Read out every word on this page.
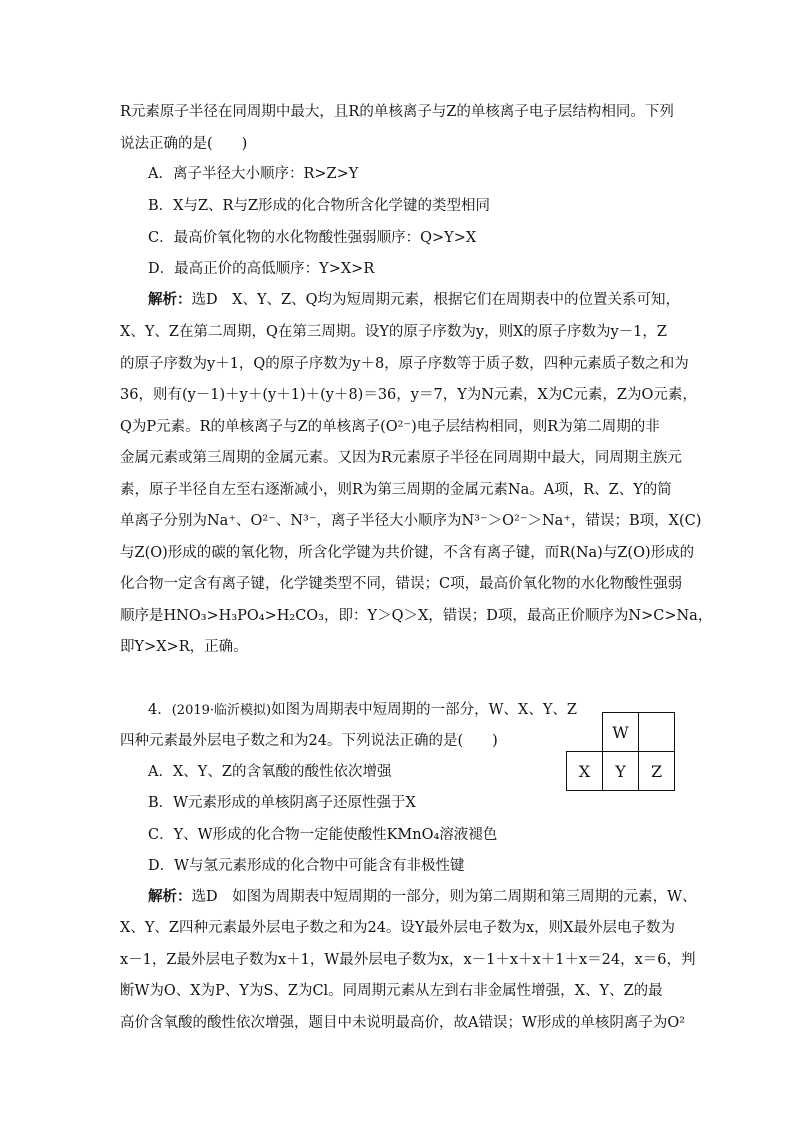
R元素原子半径在同周期中最大，且R的单核离子与Z的单核离子电子层结构相同。下列
说法正确的是(　　)
A．离子半径大小顺序：R>Z>Y
B．X与Z、R与Z形成的化合物所含化学键的类型相同
C．最高价氧化物的水化物酸性强弱顺序：Q>Y>X
D．最高正价的高低顺序：Y>X>R
解析：选D　X、Y、Z、Q均为短周期元素，根据它们在周期表中的位置关系可知，
X、Y、Z在第二周期，Q在第三周期。设Y的原子序数为y，则X的原子序数为y－1，Z
的原子序数为y＋1，Q的原子序数为y＋8，原子序数等于质子数，四种元素质子数之和为
36，则有(y－1)＋y＋(y＋1)＋(y＋8)＝36，y＝7，Y为N元素，X为C元素，Z为O元素，
Q为P元素。R的单核离子与Z的单核离子(O²⁻)电子层结构相同，则R为第二周期的非
金属元素或第三周期的金属元素。又因为R元素原子半径在同周期中最大，同周期主族元
素，原子半径自左至右逐渐减小，则R为第三周期的金属元素Na。A项，R、Z、Y的简
单离子分别为Na⁺、O²⁻、N³⁻，离子半径大小顺序为N³⁻＞O²⁻＞Na⁺，错误；B项，X(C)
与Z(O)形成的碳的氧化物，所含化学键为共价键，不含有离子键，而R(Na)与Z(O)形成的
化合物一定含有离子键，化学键类型不同，错误；C项，最高价氧化物的水化物酸性强弱
顺序是HNO₃>H₃PO₄>H₂CO₃，即：Y＞Q＞X，错误；D项，最高正价顺序为N>C>Na，
即Y>X>R，正确。
4．(2019·临沂模拟)如图为周期表中短周期的一部分，W、X、Y、Z
四种元素最外层电子数之和为24。下列说法正确的是(　　)
		W	
X	Y	Z
A．X、Y、Z的含氧酸的酸性依次增强
B．W元素形成的单核阴离子还原性强于X
C．Y、W形成的化合物一定能使酸性KMnO₄溶液褪色
D．W与氢元素形成的化合物中可能含有非极性键
解析：选D　如图为周期表中短周期的一部分，则为第二周期和第三周期的元素，W、
X、Y、Z四种元素最外层电子数之和为24。设Y最外层电子数为x，则X最外层电子数为
x－1，Z最外层电子数为x＋1，W最外层电子数为x，x－1＋x＋x＋1＋x＝24，x＝6，判
断W为O、X为P、Y为S、Z为Cl。同周期元素从左到右非金属性增强，X、Y、Z的最
高价含氧酸的酸性依次增强，题目中未说明最高价，故A错误；W形成的单核阴离子为O²
